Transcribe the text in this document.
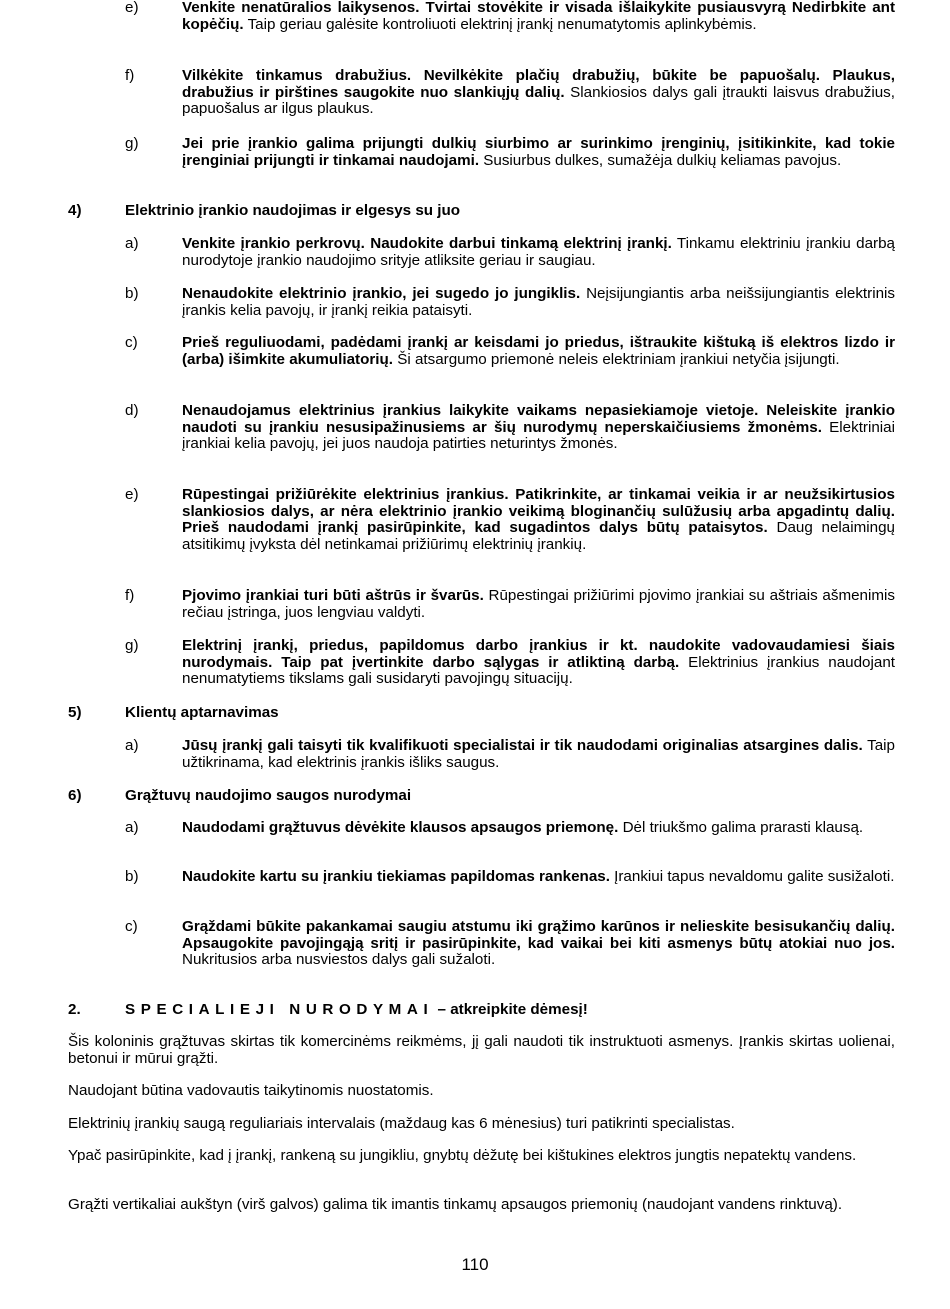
e)	Venkite nenatūralios laikysenos. Tvirtai stovėkite ir visada išlaikykite pusiausvyrą Nedirbkite ant kopėčių. Taip geriau galėsite kontroliuoti elektrinį įrankį nenumatytomis aplinkybėmis.
f)	Vilkėkite tinkamus drabužius. Nevilkėkite plačių drabužių, būkite be papuošalų. Plaukus, drabužius ir pirštines saugokite nuo slankiųjų dalių. Slankiosios dalys gali įtraukti laisvus drabužius, papuošalus ar ilgus plaukus.
g)	Jei prie įrankio galima prijungti dulkių siurbimo ar surinkimo įrenginių, įsitikinkite, kad tokie įrenginiai prijungti ir tinkamai naudojami. Susiurbus dulkes, sumažėja dulkių keliamas pavojus.
4)	Elektrinio įrankio naudojimas ir elgesys su juo
a)	Venkite įrankio perkrovų. Naudokite darbui tinkamą elektrinį įrankį. Tinkamu elektriniu įrankiu darbą nurodytoje įrankio naudojimo srityje atliksite geriau ir saugiau.
b)	Nenaudokite elektrinio įrankio, jei sugedo jo jungiklis. Neįsijungiantis arba neišsijungiantis elektrinis įrankis kelia pavojų, ir įrankį reikia pataisyti.
c)	Prieš reguliuodami, padėdami įrankį ar keisdami jo priedus, ištraukite kištuką iš elektros lizdo ir (arba) išimkite akumuliatorių. Ši atsargumo priemonė neleis elektriniam įrankiui netyčia įsijungti.
d)	Nenaudojamus elektrinius įrankius laikykite vaikams nepasiekiamoje vietoje. Neleiskite įrankio naudoti su įrankiu nesusipažinusiems ar šių nurodymų neperskaičiusiems žmonėms. Elektriniai įrankiai kelia pavojų, jei juos naudoja patirties neturintys žmonės.
e)	Rūpestingai prižiūrėkite elektrinius įrankius. Patikrinkite, ar tinkamai veikia ir ar neužsikirtusios slankiosios dalys, ar nėra elektrinio įrankio veikimą bloginančių sulūžusių arba apgadintų dalių. Prieš naudodami įrankį pasirūpinkite, kad sugadintos dalys būtų pataisytos. Daug nelaimingų atsitikimų įvyksta dėl netinkamai prižiūrimų elektrinių įrankių.
f)	Pjovimo įrankiai turi būti aštrūs ir švarūs. Rūpestingai prižiūrimi pjovimo įrankiai su aštriais ašmenimis rečiau įstringa, juos lengviau valdyti.
g)	Elektrinį įrankį, priedus, papildomus darbo įrankius ir kt. naudokite vadovaudamiesi šiais nurodymais. Taip pat įvertinkite darbo sąlygas ir atliktiną darbą. Elektrinius įrankius naudojant nenumatytiems tikslams gali susidaryti pavojingų situacijų.
5)	Klientų aptarnavimas
a)	Jūsų įrankį gali taisyti tik kvalifikuoti specialistai ir tik naudodami originalias atsargines dalis. Taip užtikrinama, kad elektrinis įrankis išliks saugus.
6)	Grąžtuvų naudojimo saugos nurodymai
a)	Naudodami grąžtuvus dėvėkite klausos apsaugos priemonę. Dėl triukšmo galima prarasti klausą.
b)	Naudokite kartu su įrankiu tiekiamas papildomas rankenas. Įrankiui tapus nevaldomu galite susižaloti.
c)	Grąždami būkite pakankamai saugiu atstumu iki grąžimo karūnos ir nelieskite besisukančių dalių. Apsaugokite pavojingąją sritį ir pasirūpinkite, kad vaikai bei kiti asmenys būtų atokiai nuo jos. Nukritusios arba nusviestos dalys gali sužaloti.
2.	SPECIALIEJI NURODYMAI – atkreipkite dėmesį!
Šis koloninis grąžtuvas skirtas tik komercinėms reikmėms, jį gali naudoti tik instruktuoti asmenys. Įrankis skirtas uolienai, betonui ir mūrui grąžti.
Naudojant būtina vadovautis taikytinomis nuostatomis.
Elektrinių įrankių saugą reguliariais intervalais (maždaug kas 6 mėnesius) turi patikrinti specialistas.
Ypač pasirūpinkite, kad į įrankį, rankeną su jungikliu, gnybtų dėžutę bei kištukines elektros jungtis nepatektų vandens.
Grąžti vertikaliai aukštyn (virš galvos) galima tik imantis tinkamų apsaugos priemonių (naudojant vandens rinktuvą).
110
